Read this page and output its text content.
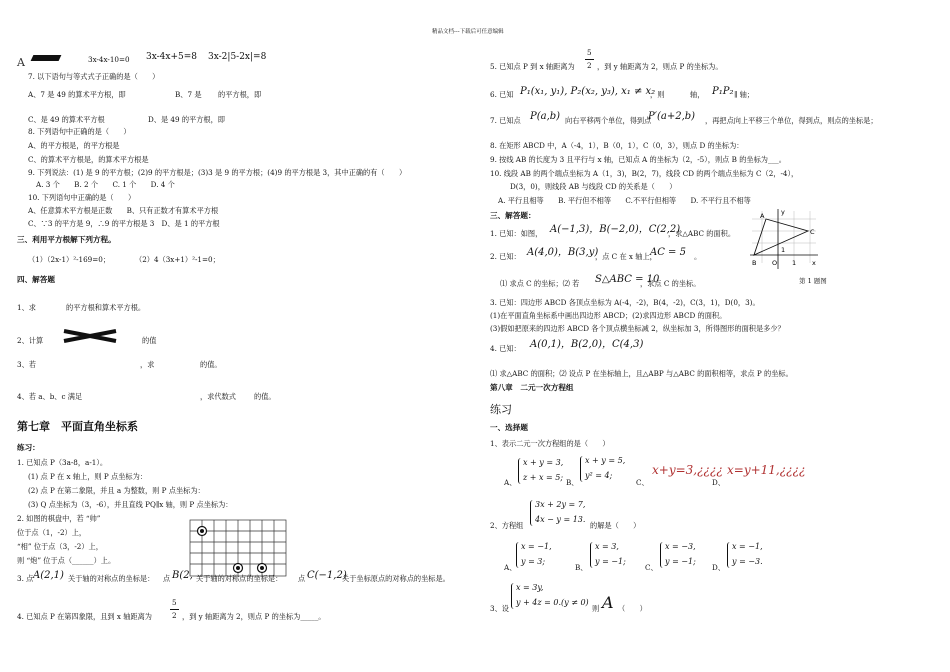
精品文档---下载后可任意编辑
A	3x-4x-10=0 3x-4x+5=8 3x-2|5-2x|=8
7. 以下语句与等式式子正确的是（　　）
A、7 是 49 的算术平方根，即	B、7 是 的平方根，即
C、是 49 的算术平方根	D、是 49 的平方根，即
8. 下列语句中正确的是（　　）
A、的平方根是，的平方根是
C、的算术平方根是，的算术平方根是
9. 下列说法：(1) 是 9 的平方根；(2)9 的平方根是；(3)3 是 9 的平方根；(4)9 的平方根是 3，其中正确的有（　　）
A. 3 个　　B. 2 个　　C. 1 个　　D. 4 个
10. 下列语句中正确的是（　　）
A、任意算术平方根是正数　　B、只有正数才有算术平方根
C、∵3 的平方是 9，∴9 的平方根是 3　D、是 1 的平方根
三、利用平方根解下列方程。
（1）（2x-1）²-169=0；	（2）4（3x+1）²-1=0；
四、解答题
1、求	的平方根和算术平方根。
2、计算	的值
3、若	，求	的值。
4、若 a、b、c 满足	，求代数式	的值。
第七章　平面直角坐标系
练习：
1. 已知点 P（3a-8，a-1）。
(1) 点 P 在 x 轴上，则 P 点坐标为：
(2) 点 P 在第二象限，并且 a 为整数，则 P 点坐标为：
(3) Q 点坐标为（3，-6），并且直线 PQ∥x 轴，则 P 点坐标为：
2. 如图的棋盘中，若 “帅”
位于点（1，-2）上，
“相” 位于点（3，-2）上，
则 “炮” 位于点（______）上。
3. 点 A(2,1) 关于轴的对称点的坐标是： 点 B(2, 关于轴的对称点的坐标是： 点 C(−1,2)
关于坐标原点的对称点的坐标是。
4. 已知点 P 在第四象限，且到 x 轴距离为
5
2 ，到 y 轴距离为 2，则点 P 的坐标为_____。
5. 已知点 P 到 x 轴距离为
5
2 ，到 y 轴距离为 2，则点 P 的坐标为。
6. 已知 P₁(x₁, y₁), P₂(x₂, y₃), x₁ ≠ x₂
，则	轴， P₁P₂ ∥ 轴；
7. 已知点 P(a,b) 向右平移两个单位，得到点
P′(a+2,b) ，再把点向上平移三个单位，得到点，则点的坐标是；
8. 在矩形 ABCD 中，A（-4，1），B（0，1），C（0，3），则点 D 的坐标为：
9. 按线 AB 的长度为 3 且平行与 x 轴，已知点 A 的坐标为（2，-5），则点 B 的坐标为___。
10. 线段 AB 的两个端点坐标为 A（1，3)，B(2，7)，线段 CD 的两个端点坐标为 C（2，-4），
D(3，0)，则线段 AB 与线段 CD 的关系是（　　）
A. 平行且相等　　B. 平行但不相等　　C.不平行但相等　　D. 不平行且不相等
三、解答题：
1. 已知：如图， A(−1,3)，B(−2,0)，C(2,2)
，求△ABC 的面积。
2. 已知： A(4,0)，B(3,y)
，点 C 在 x 轴上，
AC = 5 。
⑴ 求点 C 的坐标；⑵ 若 S△ABC = 10
，求点 C 的坐标。
A
C
B O 1 x
y
1
第 1 题图
3. 已知：四边形 ABCD 各顶点坐标为 A(-4，-2)，B(4，-2)，C(3，1)，D(0，3)。
(1)在平面直角坐标系中画出四边形 ABCD；(2)求四边形 ABCD 的面积。
(3)假如把原来的四边形 ABCD 各个顶点横坐标减 2，纵坐标加 3，所得图形的面积是多少？
4. 已知： A(0,1)，B(2,0)，C(4,3)
⑴ 求△ABC 的面积；⑵ 设点 P 在坐标轴上，且△ABP 与△ABC 的面积相等，求点 P 的坐标。
第八章　二元一次方程组
练习
一、选择题
1、表示二元一次方程组的是（　　）
A、
x + y = 3,
z + x = 5;
B、
x + y = 5,
y² = 4;
C、
x+y=3,¿¿¿¿
D、
x=y+11,¿¿¿¿
2、方程组
3x + 2y = 7,
4x − y = 13.
的解是（　　）
A、
x = −1,
y = 3;
B、
x = 3,
y = −1;
C、
x = −3,
y = −1;
D、
x = −1,
y = −3.
3、设
x = 3y,
y + 4z = 0.(y ≠ 0)
则 A （　　）
